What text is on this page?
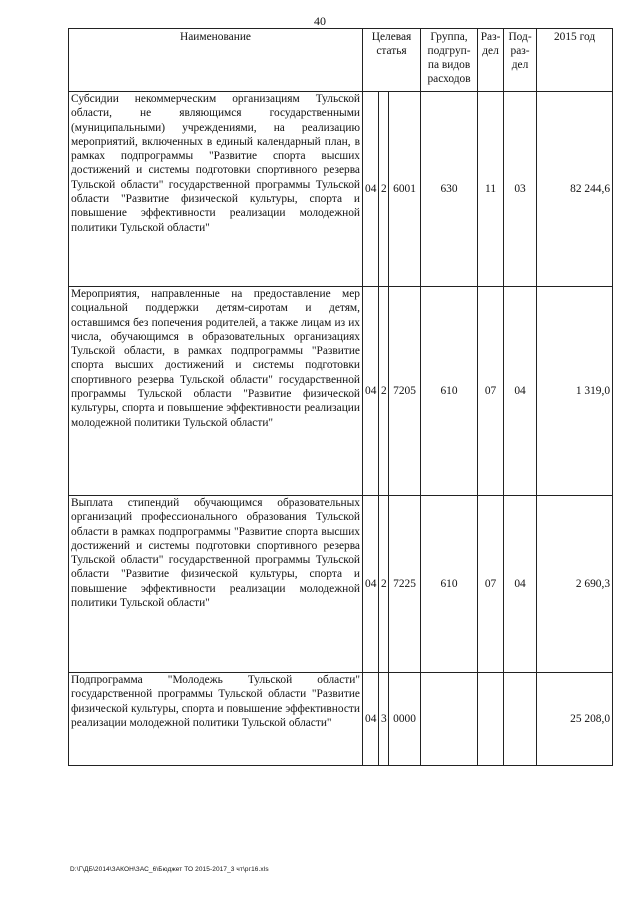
40
Наименование	Целевая статья			Группа, подгруп-па видов расходов	Раз-дел	Под-раз-дел	2015 год
Субсидии некоммерческим организациям Тульской области, не являющимся государственными (муниципальными) учреждениями, на реализацию мероприятий, включенных в единый календарный план, в рамках подпрограммы "Развитие спорта высших достижений и системы подготовки спортивного резерва Тульской области" государственной программы Тульской области "Развитие физической культуры, спорта и повышение эффективности реализации молодежной политики Тульской области"	04	2	6001	630	11	03	82 244,6
Мероприятия, направленные на предоставление мер социальной поддержки детям-сиротам и детям, оставшимся без попечения родителей, а также лицам из их числа, обучающимся в образовательных организациях Тульской области, в рамках подпрограммы "Развитие спорта высших достижений и системы подготовки спортивного резерва Тульской области" государственной программы Тульской области "Развитие физической культуры, спорта и повышение эффективности реализации молодежной политики Тульской области"	04	2	7205	610	07	04	1 319,0
Выплата стипендий обучающимся образовательных организаций профессионального образования Тульской области в рамках подпрограммы "Развитие спорта высших достижений и системы подготовки спортивного резерва Тульской области" государственной программы Тульской области "Развитие физической культуры, спорта и повышение эффективности реализации молодежной политики Тульской области"	04	2	7225	610	07	04	2 690,3
Подпрограмма "Молодежь Тульской области" государственной программы Тульской области "Развитие физической культуры, спорта и повышение эффективности реализации молодежной политики Тульской области"	04	3	0000				25 208,0
D:\Г\ДБ\2014\ЗАКОН\ЗАС_6\Бюджет ТО 2015-2017_3 чт\рг16.xls
